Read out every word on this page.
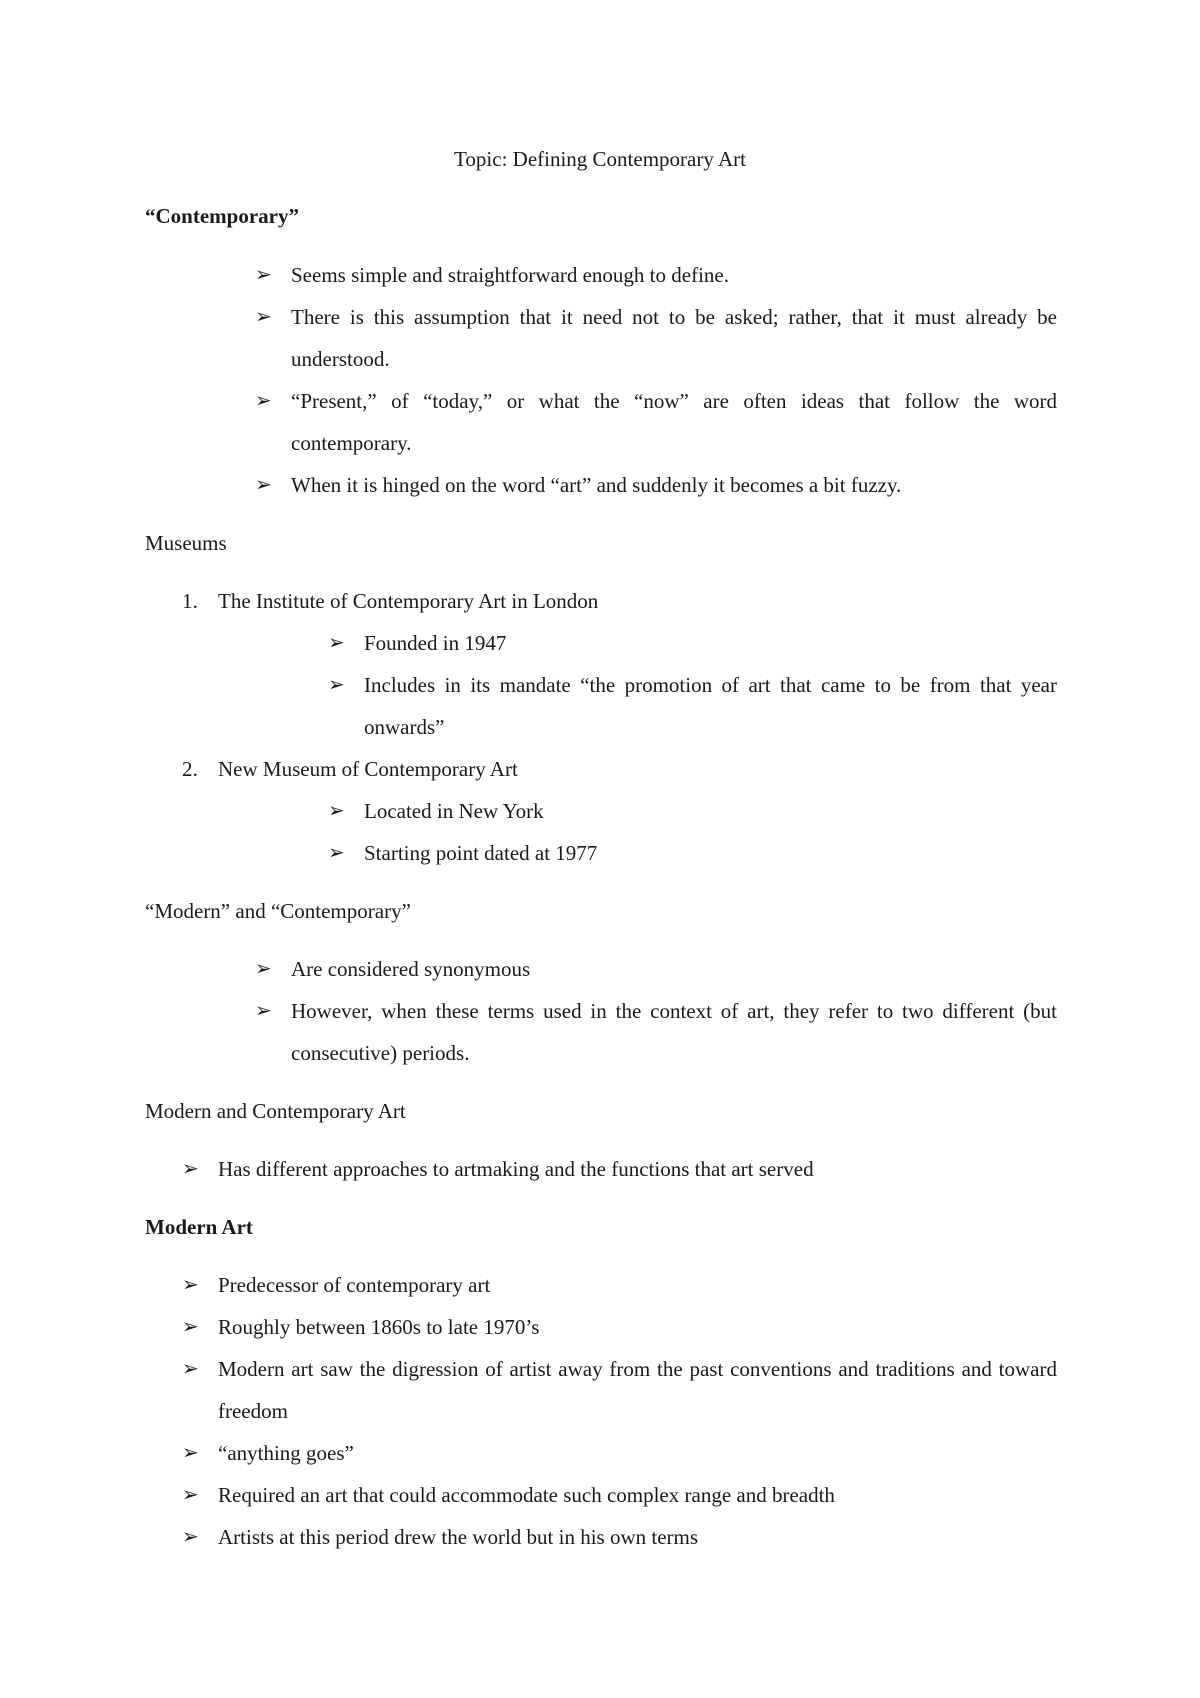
Topic: Defining Contemporary Art
“Contemporary”
➢ Seems simple and straightforward enough to define.
➢ There is this assumption that it need not to be asked; rather, that it must already be understood.
➢ “Present,” of “today,” or what the “now” are often ideas that follow the word contemporary.
➢ When it is hinged on the word “art” and suddenly it becomes a bit fuzzy.
Museums
1. The Institute of Contemporary Art in London
➢ Founded in 1947
➢ Includes in its mandate “the promotion of art that came to be from that year onwards”
2. New Museum of Contemporary Art
➢ Located in New York
➢ Starting point dated at 1977
“Modern” and “Contemporary”
➢ Are considered synonymous
➢ However, when these terms used in the context of art, they refer to two different (but consecutive) periods.
Modern and Contemporary Art
➢ Has different approaches to artmaking and the functions that art served
Modern Art
➢ Predecessor of contemporary art
➢ Roughly between 1860s to late 1970’s
➢ Modern art saw the digression of artist away from the past conventions and traditions and toward freedom
➢ “anything goes”
➢ Required an art that could accommodate such complex range and breadth
➢ Artists at this period drew the world but in his own terms
